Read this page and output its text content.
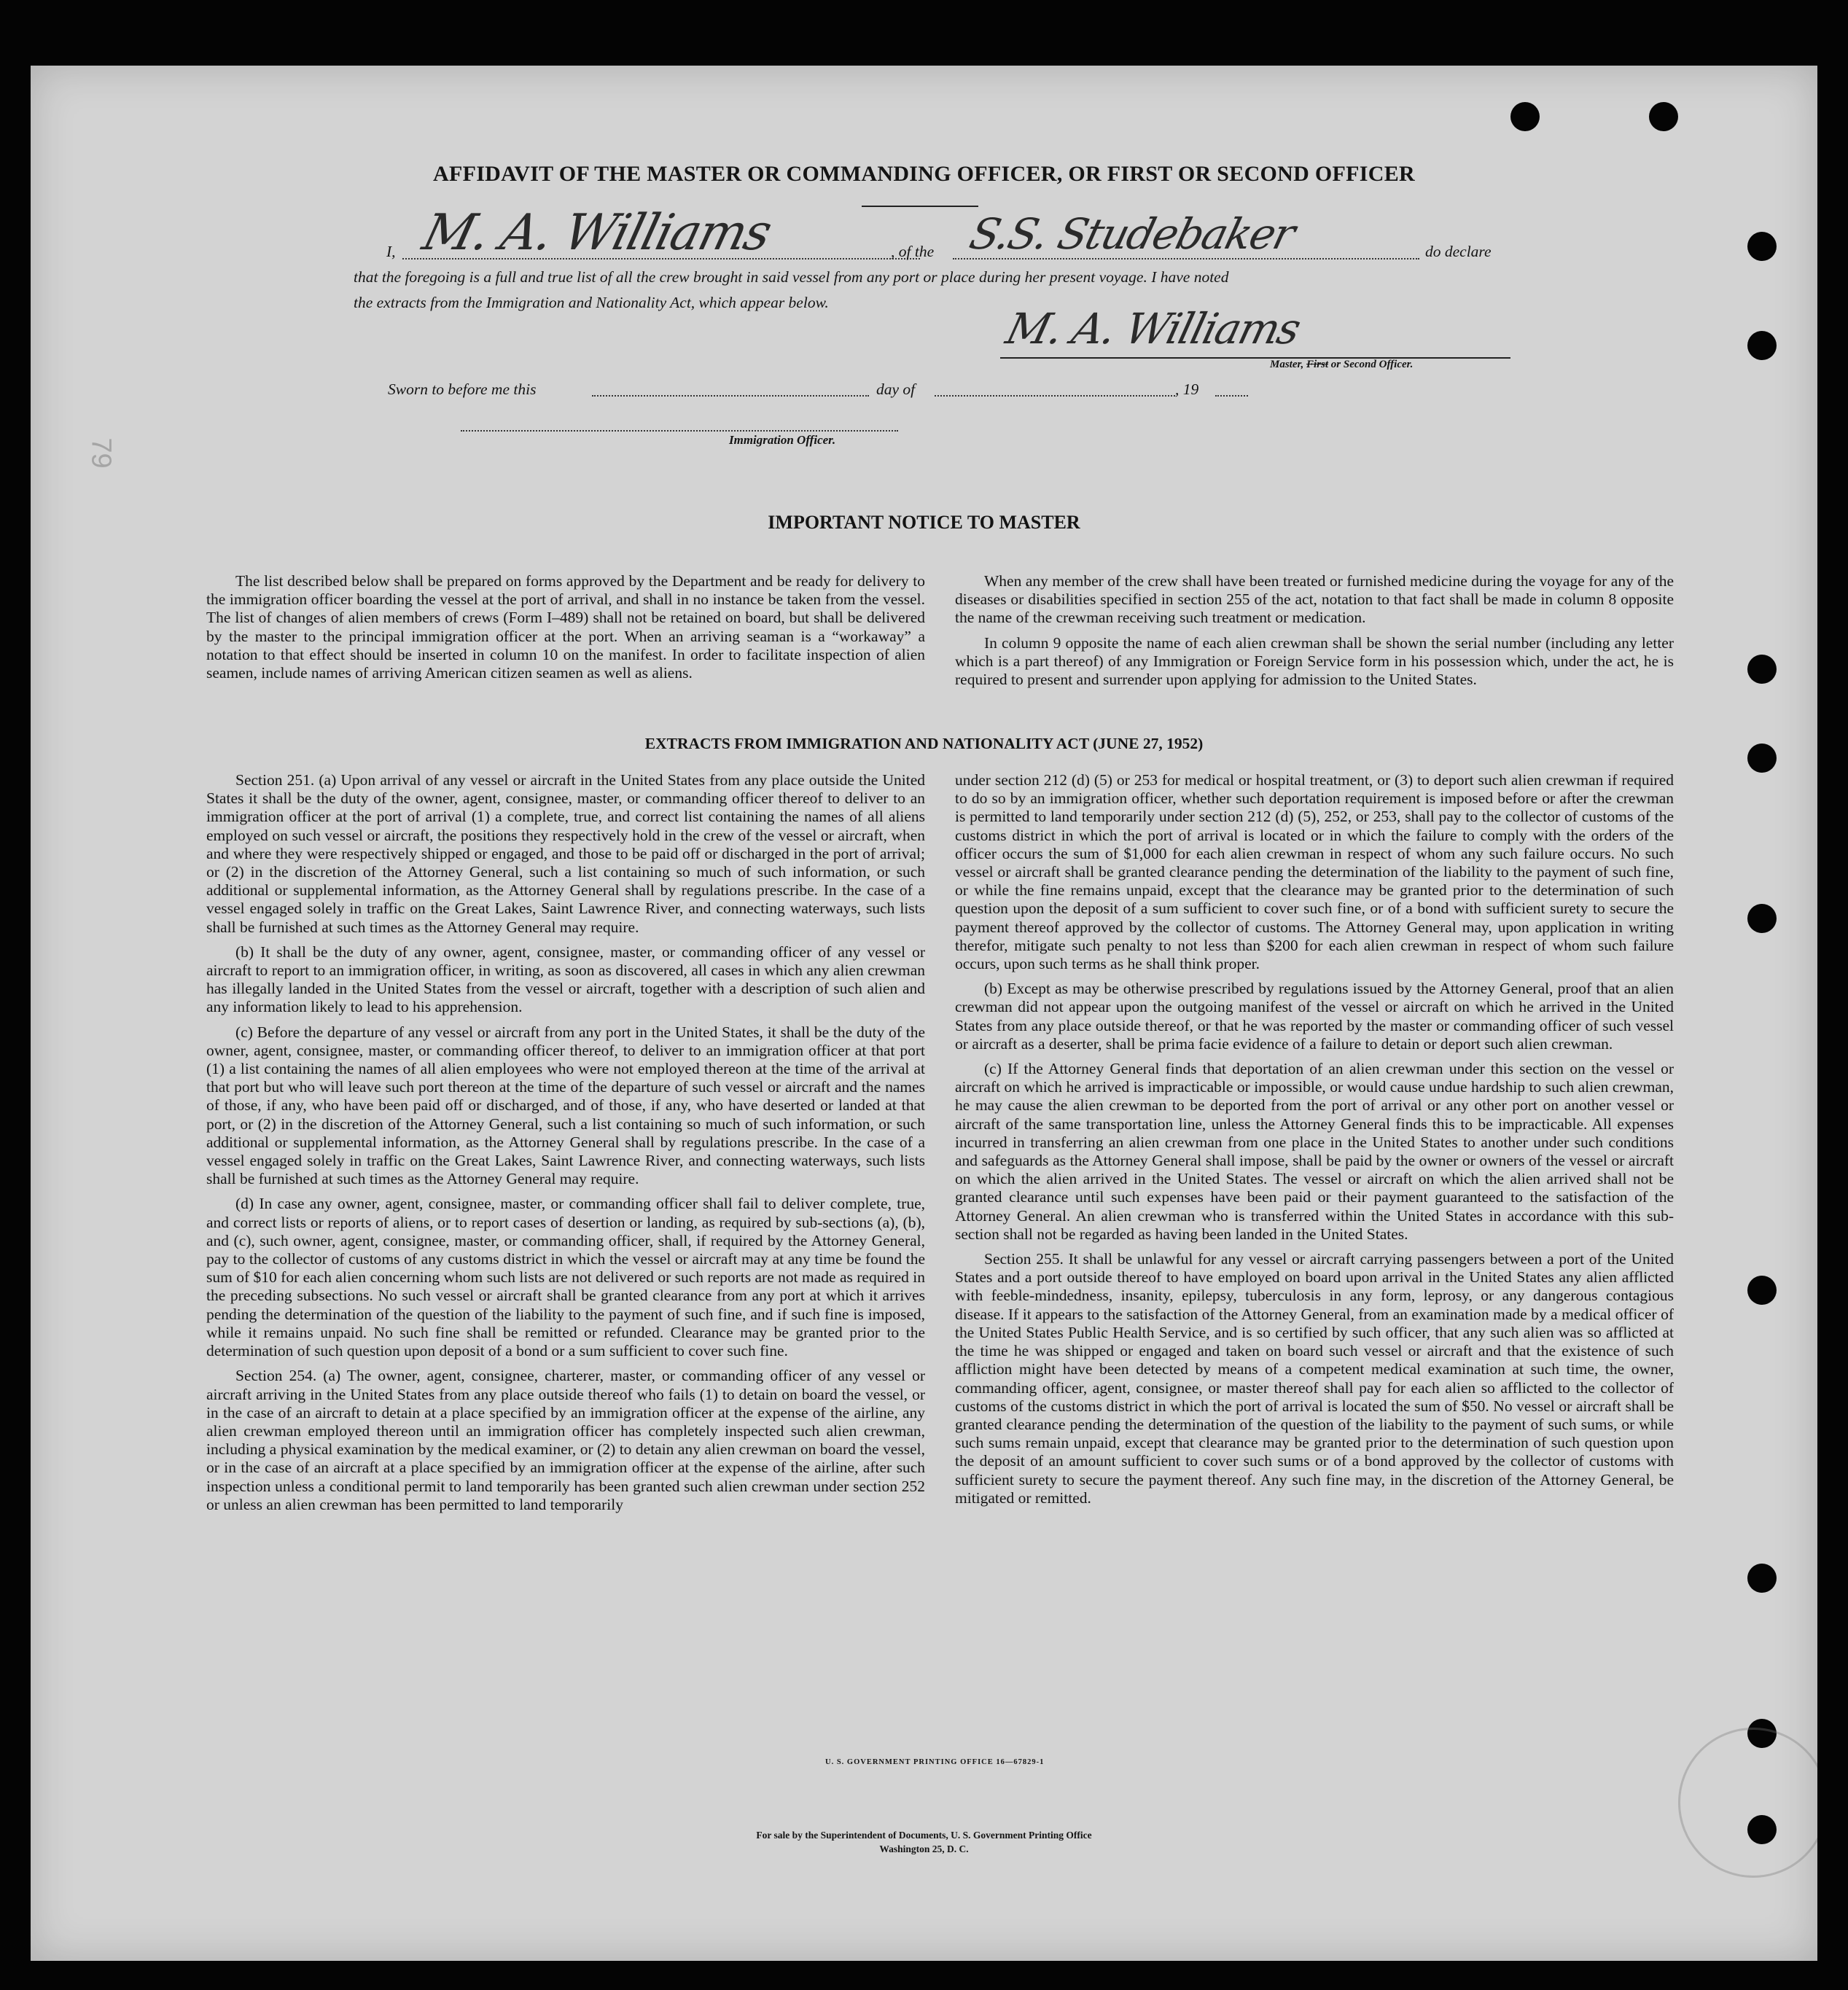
79
AFFIDAVIT OF THE MASTER OR COMMANDING OFFICER, OR FIRST OR SECOND OFFICER
I, M. A. Williams	, of the S.S. Studebaker	do declare
that the foregoing is a full and true list of all the crew brought in said vessel from any port or place during her present voyage. I have noted
the extracts from the Immigration and Nationality Act, which appear below.
M. A. Williams
Master, First or Second Officer.
Sworn to before me this	day of	, 19
Immigration Officer.
IMPORTANT NOTICE TO MASTER

The list described below shall be prepared on forms approved by the Department and be ready for delivery to the immigration officer boarding the vessel at the port of arrival, and shall in no instance be taken from the vessel. The list of changes of alien members of crews (Form I–489) shall not be retained on board, but shall be delivered by the master to the principal immigration officer at the port. When an arriving seaman is a “workaway” a notation to that effect should be inserted in column 10 on the manifest. In order to facilitate inspection of alien seamen, include names of arriving American citizen seamen as well as aliens.

When any member of the crew shall have been treated or furnished medicine during the voyage for any of the diseases or disabilities specified in section 255 of the act, notation to that fact shall be made in column 8 opposite the name of the crewman receiving such treatment or medication.

In column 9 opposite the name of each alien crewman shall be shown the serial number (including any letter which is a part thereof) of any Immigration or Foreign Service form in his possession which, under the act, he is required to present and surrender upon applying for admission to the United States.

EXTRACTS FROM IMMIGRATION AND NATIONALITY ACT (JUNE 27, 1952)

Section 251. (a) Upon arrival of any vessel or aircraft in the United States from any place outside the United States it shall be the duty of the owner, agent, consignee, master, or commanding officer thereof to deliver to an immigration officer at the port of arrival (1) a complete, true, and correct list containing the names of all aliens employed on such vessel or aircraft, the positions they respectively hold in the crew of the vessel or aircraft, when and where they were respectively shipped or engaged, and those to be paid off or discharged in the port of arrival; or (2) in the discretion of the Attorney General, such a list containing so much of such information, or such additional or supplemental information, as the Attorney General shall by regulations prescribe. In the case of a vessel engaged solely in traffic on the Great Lakes, Saint Lawrence River, and connecting waterways, such lists shall be furnished at such times as the Attorney General may require.

(b) It shall be the duty of any owner, agent, consignee, master, or commanding officer of any vessel or aircraft to report to an immigration officer, in writing, as soon as discovered, all cases in which any alien crewman has illegally landed in the United States from the vessel or aircraft, together with a description of such alien and any information likely to lead to his apprehension.

(c) Before the departure of any vessel or aircraft from any port in the United States, it shall be the duty of the owner, agent, consignee, master, or commanding officer thereof, to deliver to an immigration officer at that port (1) a list containing the names of all alien employees who were not employed thereon at the time of the arrival at that port but who will leave such port thereon at the time of the departure of such vessel or aircraft and the names of those, if any, who have been paid off or discharged, and of those, if any, who have deserted or landed at that port, or (2) in the discretion of the Attorney General, such a list containing so much of such information, or such additional or supplemental information, as the Attorney General shall by regulations prescribe. In the case of a vessel engaged solely in traffic on the Great Lakes, Saint Lawrence River, and connecting waterways, such lists shall be furnished at such times as the Attorney General may require.

(d) In case any owner, agent, consignee, master, or commanding officer shall fail to deliver complete, true, and correct lists or reports of aliens, or to report cases of desertion or landing, as required by sub-sections (a), (b), and (c), such owner, agent, consignee, master, or commanding officer, shall, if required by the Attorney General, pay to the collector of customs of any customs district in which the vessel or aircraft may at any time be found the sum of $10 for each alien concerning whom such lists are not delivered or such reports are not made as required in the preceding subsections. No such vessel or aircraft shall be granted clearance from any port at which it arrives pending the determination of the question of the liability to the payment of such fine, and if such fine is imposed, while it remains unpaid. No such fine shall be remitted or refunded. Clearance may be granted prior to the determination of such question upon deposit of a bond or a sum sufficient to cover such fine.

Section 254. (a) The owner, agent, consignee, charterer, master, or commanding officer of any vessel or aircraft arriving in the United States from any place outside thereof who fails (1) to detain on board the vessel, or in the case of an aircraft to detain at a place specified by an immigration officer at the expense of the airline, any alien crewman employed thereon until an immigration officer has completely inspected such alien crewman, including a physical examination by the medical examiner, or (2) to detain any alien crewman on board the vessel, or in the case of an aircraft at a place specified by an immigration officer at the expense of the airline, after such inspection unless a conditional permit to land temporarily has been granted such alien crewman under section 252 or unless an alien crewman has been permitted to land temporarily

under section 212 (d) (5) or 253 for medical or hospital treatment, or (3) to deport such alien crewman if required to do so by an immigration officer, whether such deportation requirement is imposed before or after the crewman is permitted to land temporarily under section 212 (d) (5), 252, or 253, shall pay to the collector of customs of the customs district in which the port of arrival is located or in which the failure to comply with the orders of the officer occurs the sum of $1,000 for each alien crewman in respect of whom any such failure occurs. No such vessel or aircraft shall be granted clearance pending the determination of the liability to the payment of such fine, or while the fine remains unpaid, except that the clearance may be granted prior to the determination of such question upon the deposit of a sum sufficient to cover such fine, or of a bond with sufficient surety to secure the payment thereof approved by the collector of customs. The Attorney General may, upon application in writing therefor, mitigate such penalty to not less than $200 for each alien crewman in respect of whom such failure occurs, upon such terms as he shall think proper.

(b) Except as may be otherwise prescribed by regulations issued by the Attorney General, proof that an alien crewman did not appear upon the outgoing manifest of the vessel or aircraft on which he arrived in the United States from any place outside thereof, or that he was reported by the master or commanding officer of such vessel or aircraft as a deserter, shall be prima facie evidence of a failure to detain or deport such alien crewman.

(c) If the Attorney General finds that deportation of an alien crewman under this section on the vessel or aircraft on which he arrived is impracticable or impossible, or would cause undue hardship to such alien crewman, he may cause the alien crewman to be deported from the port of arrival or any other port on another vessel or aircraft of the same transportation line, unless the Attorney General finds this to be impracticable. All expenses incurred in transferring an alien crewman from one place in the United States to another under such conditions and safeguards as the Attorney General shall impose, shall be paid by the owner or owners of the vessel or aircraft on which the alien arrived in the United States. The vessel or aircraft on which the alien arrived shall not be granted clearance until such expenses have been paid or their payment guaranteed to the satisfaction of the Attorney General. An alien crewman who is transferred within the United States in accordance with this sub-section shall not be regarded as having been landed in the United States.

Section 255. It shall be unlawful for any vessel or aircraft carrying passengers between a port of the United States and a port outside thereof to have employed on board upon arrival in the United States any alien afflicted with feeble-mindedness, insanity, epilepsy, tuberculosis in any form, leprosy, or any dangerous contagious disease. If it appears to the satisfaction of the Attorney General, from an examination made by a medical officer of the United States Public Health Service, and is so certified by such officer, that any such alien was so afflicted at the time he was shipped or engaged and taken on board such vessel or aircraft and that the existence of such affliction might have been detected by means of a competent medical examination at such time, the owner, commanding officer, agent, consignee, or master thereof shall pay for each alien so afflicted to the collector of customs of the customs district in which the port of arrival is located the sum of $50. No vessel or aircraft shall be granted clearance pending the determination of the question of the liability to the payment of such sums, or while such sums remain unpaid, except that clearance may be granted prior to the determination of such question upon the deposit of an amount sufficient to cover such sums or of a bond approved by the collector of customs with sufficient surety to secure the payment thereof. Any such fine may, in the discretion of the Attorney General, be mitigated or remitted.

U. S. GOVERNMENT PRINTING OFFICE 16—67829-1
For sale by the Superintendent of Documents, U. S. Government Printing Office
Washington 25, D. C.
